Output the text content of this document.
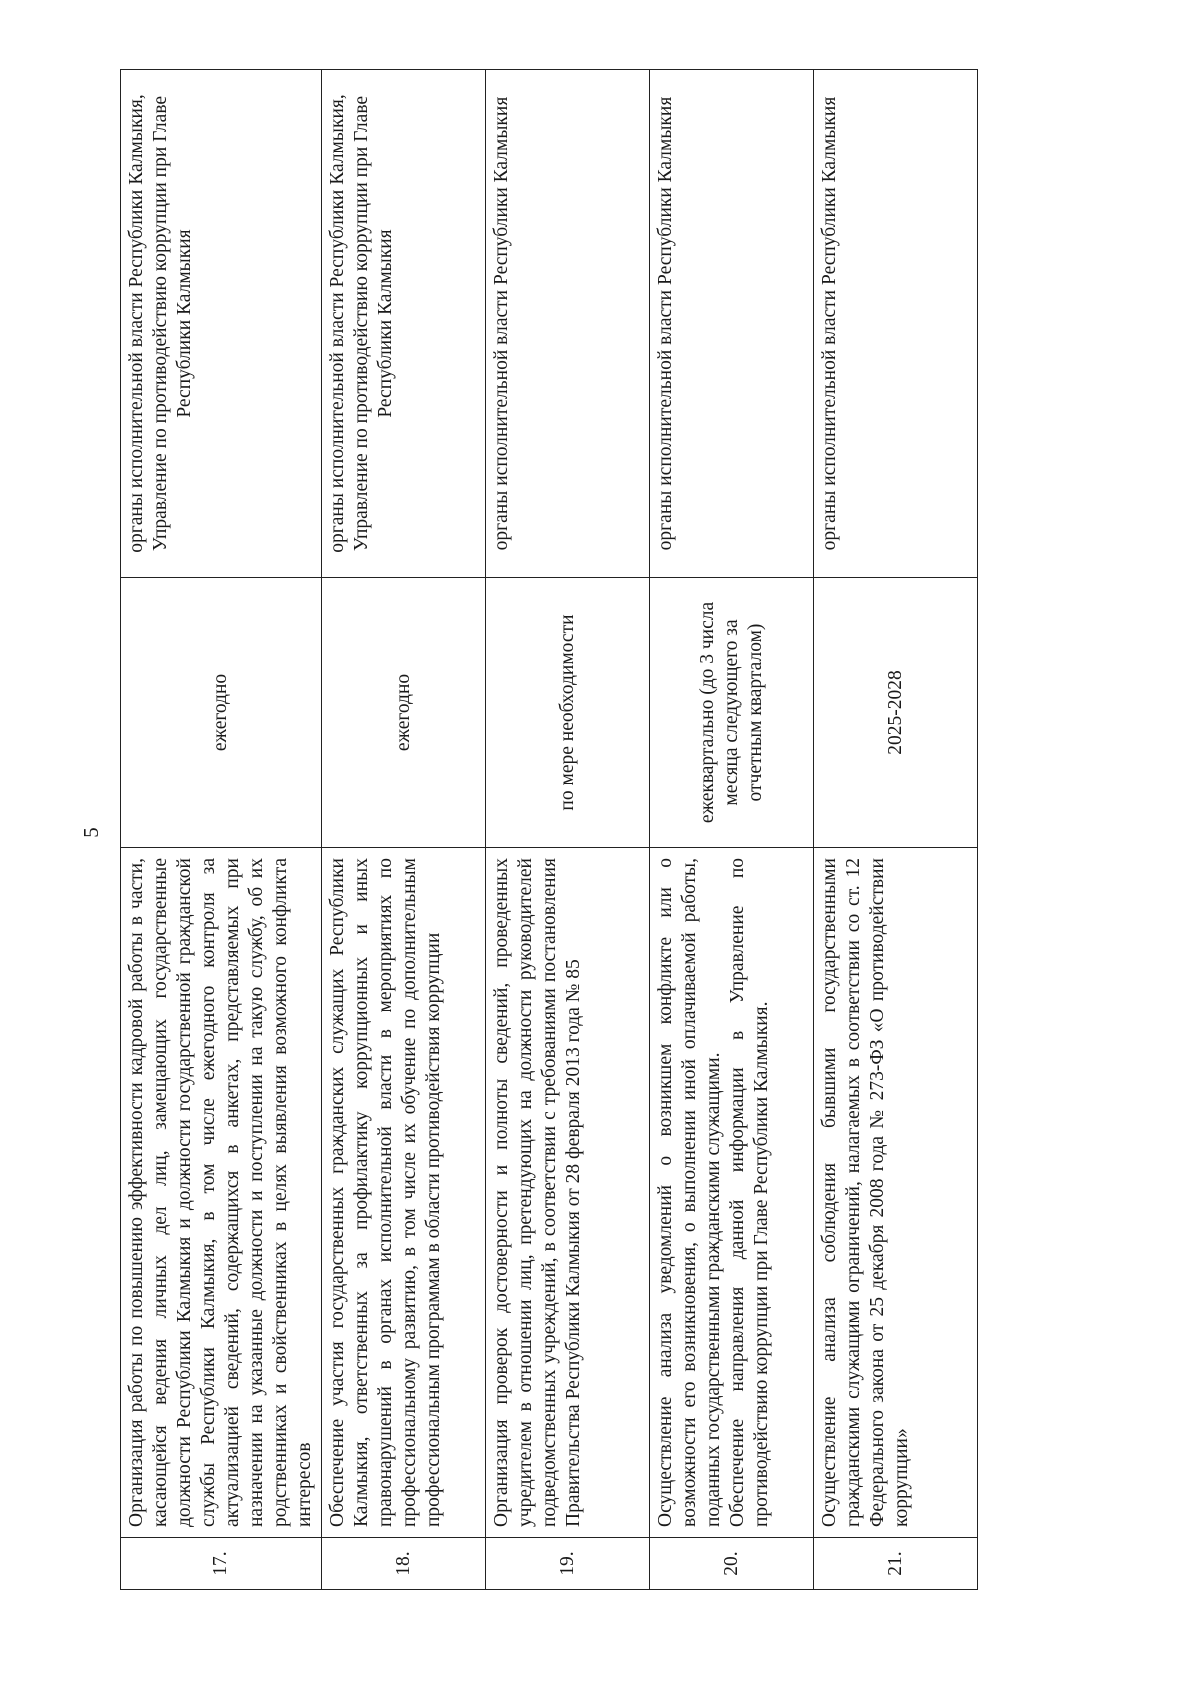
5
17.	Организация работы по повышению эффективности кадровой работы в части, касающейся ведения личных дел лиц, замещающих государственные должности Республики Калмыкия и должности государственной гражданской службы Республики Калмыкия, в том числе ежегодного контроля за актуализацией сведений, содержащихся в анкетах, представляемых при назначении на указанные должности и поступлении на такую службу, об их родственниках и свойственниках в целях выявления возможного конфликта интересов	ежегодно	органы исполнительной власти Республики Калмыкия, Управление по противодействию коррупции при Главе Республики Калмыкия
18.	Обеспечение участия государственных гражданских служащих Республики Калмыкия, ответственных за профилактику коррупционных и иных правонарушений в органах исполнительной власти в мероприятиях по профессиональному развитию, в том числе их обучение по дополнительным профессиональным программам в области противодействия коррупции	ежегодно	органы исполнительной власти Республики Калмыкия, Управление по противодействию коррупции при Главе Республики Калмыкия
19.	Организация проверок достоверности и полноты сведений, проведенных учредителем в отношении лиц, претендующих на должности руководителей подведомственных учреждений, в соответствии с требованиями постановления Правительства Республики Калмыкия от 28 февраля 2013 года № 85	по мере необходимости	органы исполнительной власти Республики Калмыкия
20.	Осуществление анализа уведомлений о возникшем конфликте или о возможности его возникновения, о выполнении иной оплачиваемой работы, поданных государственными гражданскими служащими. Обеспечение направления данной информации в Управление по противодействию коррупции при Главе Республики Калмыкия.	ежеквартально (до 3 числа месяца следующего за отчетным кварталом)	органы исполнительной власти Республики Калмыкия
21.	Осуществление анализа соблюдения бывшими государственными гражданскими служащими ограничений, налагаемых в соответствии со ст. 12 Федерального закона от 25 декабря 2008 года № 273-ФЗ «О противодействии коррупции»	2025-2028	органы исполнительной власти Республики Калмыкия
